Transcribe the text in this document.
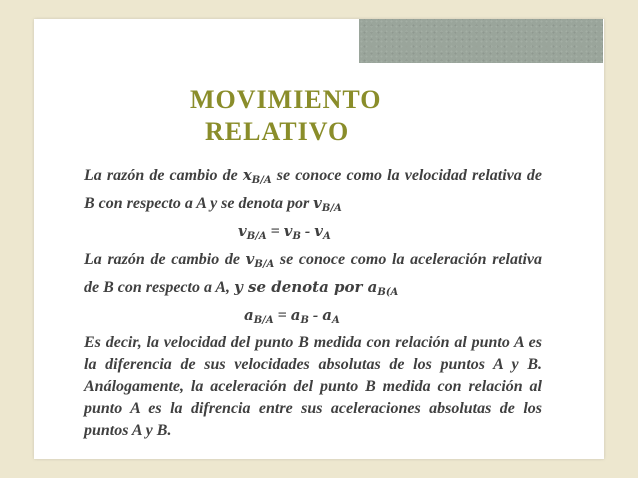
MOVIMIENTO
RELATIVO

La razón de cambio de $x_{B/A}$ se conoce como la velocidad relativa de B con respecto a A y se denota por $v_{B/A}$

$v_{B/A} = v_B - v_A$

La razón de cambio de $v_{B/A}$ se conoce como la aceleración relativa de B con respecto a A, y se denota por $a_{B(A}$

$a_{B/A} = a_B - a_A$

Es decir, la velocidad del punto B medida con relación al punto A es la diferencia de sus velocidades absolutas de los puntos A y B. Análogamente, la aceleración del punto B medida con relación al punto A es la difrencia entre sus aceleraciones absolutas de los puntos A y B.
